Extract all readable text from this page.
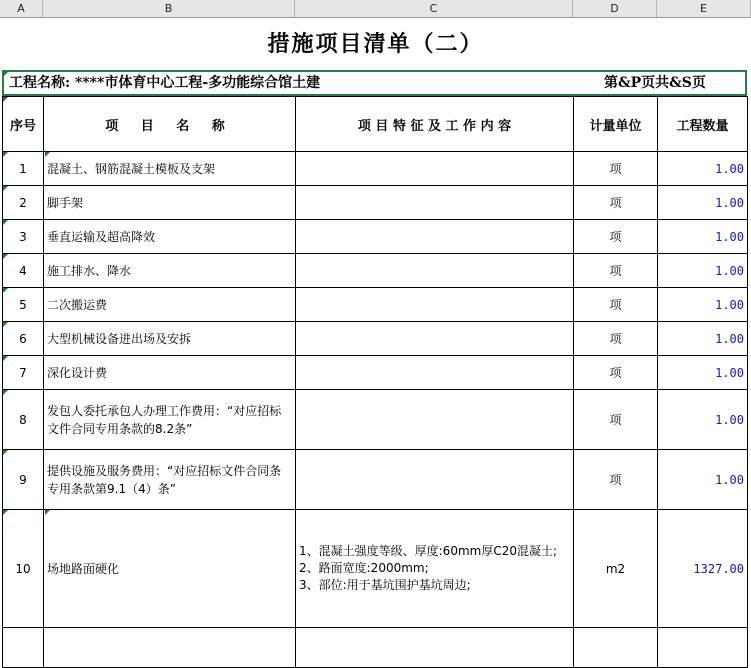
A	B	C	D	E
措施项目清单（二）
工程名称: ****市体育中心工程-多功能综合馆土建	第&P页共&S页
序号	项 目 名 称	项 目 特 征 及 工 作 内 容	计量单位	工程数量
1	混凝土、钢筋混凝土模板及支架		项	1.00
2	脚手架		项	1.00
3	垂直运输及超高降效		项	1.00
4	施工排水、降水		项	1.00
5	二次搬运费		项	1.00
6	大型机械设备进出场及安拆		项	1.00
7	深化设计费		项	1.00
8	发包人委托承包人办理工作费用：“对应招标文件合同专用条款的8.2条”		项	1.00
9	提供设施及服务费用：“对应招标文件合同条专用条款第9.1（4）条”		项	1.00
10	场地路面硬化	1、混凝土强度等级、厚度:60mm厚C20混凝土;
2、路面宽度:2000mm;
3、部位:用于基坑围护基坑周边;	m2	1327.00
